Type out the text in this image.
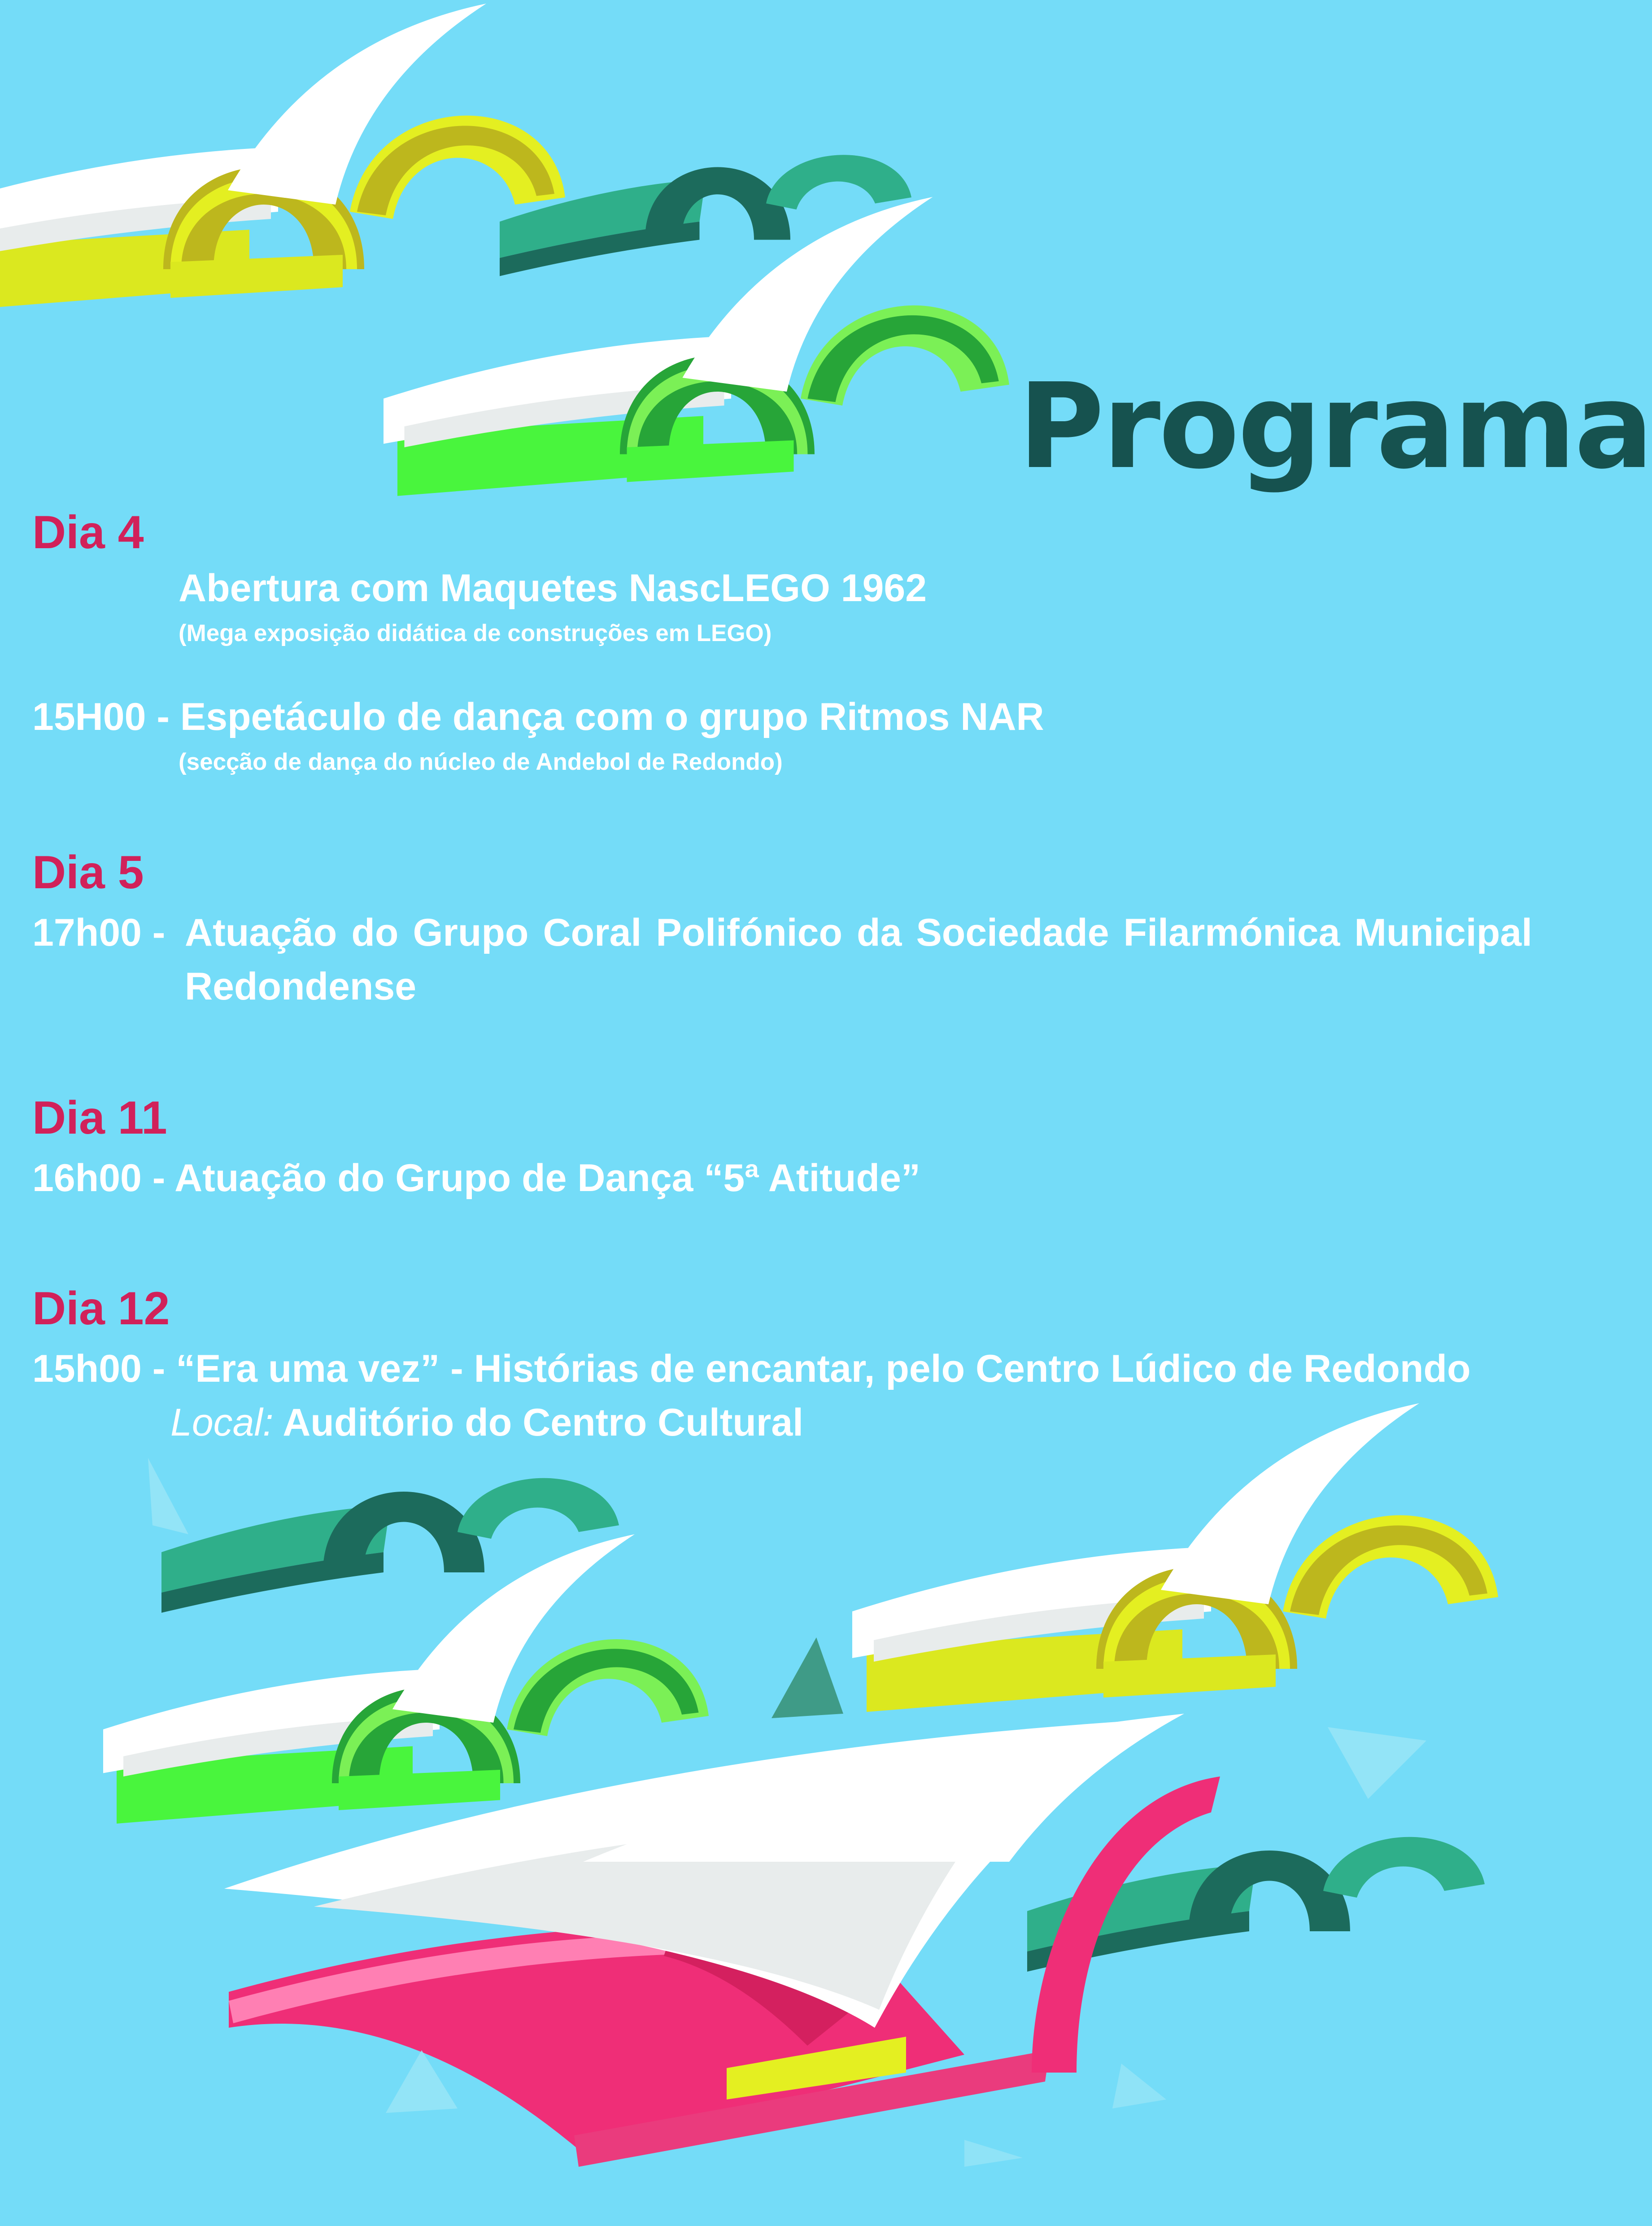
Programa
Dia 4
Abertura com Maquetes NascLEGO 1962
(Mega exposição didática de construções em LEGO)
15H00 - Espetáculo de dança com o grupo Ritmos NAR
(secção de dança do núcleo de Andebol de Redondo)
Dia 5
17h00 - Atuação do Grupo Coral Polifónico da Sociedade Filarmónica Municipal
Redondense
Dia 11
16h00 - Atuação do Grupo de Dança “5ª Atitude”
Dia 12
15h00 - “Era uma vez” - Histórias de encantar, pelo Centro Lúdico de Redondo
Local: Auditório do Centro Cultural
